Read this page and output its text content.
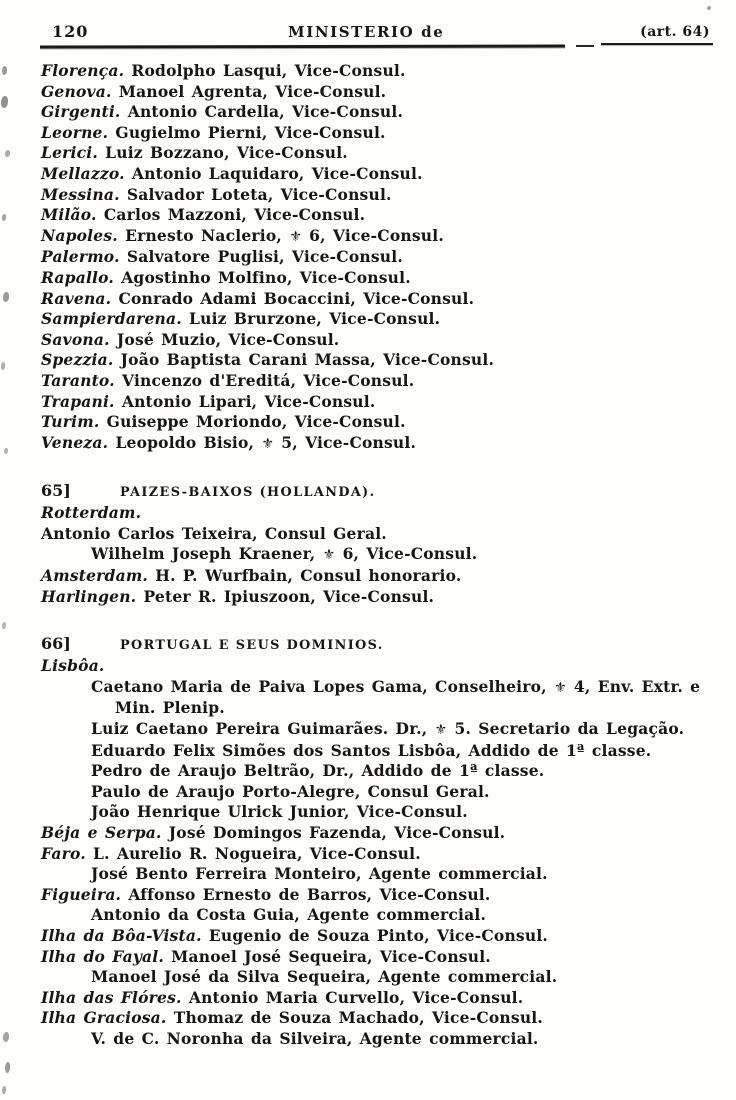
120	MINISTERIO de	(art. 64)
Florença. Rodolpho Lasqui, Vice-Consul.
Genova. Manoel Agrenta, Vice-Consul.
Girgenti. Antonio Cardella, Vice-Consul.
Leorne. Gugielmo Pierni, Vice-Consul.
Lerici. Luiz Bozzano, Vice-Consul.
Mellazzo. Antonio Laquidaro, Vice-Consul.
Messina. Salvador Loteta, Vice-Consul.
Milão. Carlos Mazzoni, Vice-Consul.
Napoles. Ernesto Naclerio, ⚜ 6, Vice-Consul.
Palermo. Salvatore Puglisi, Vice-Consul.
Rapallo. Agostinho Molfino, Vice-Consul.
Ravena. Conrado Adami Bocaccini, Vice-Consul.
Sampierdarena. Luiz Brurzone, Vice-Consul.
Savona. José Muzio, Vice-Consul.
Spezzia. João Baptista Carani Massa, Vice-Consul.
Taranto. Vincenzo d'Ereditá, Vice-Consul.
Trapani. Antonio Lipari, Vice-Consul.
Turim. Guiseppe Moriondo, Vice-Consul.
Veneza. Leopoldo Bisio, ⚜ 5, Vice-Consul.
65]	PAIZES-BAIXOS (HOLLANDA).
Rotterdam.
Antonio Carlos Teixeira, Consul Geral.
Wilhelm Joseph Kraener, ⚜ 6, Vice-Consul.
Amsterdam. H. P. Wurfbain, Consul honorario.
Harlingen. Peter R. Ipiuszoon, Vice-Consul.
66]	PORTUGAL E SEUS DOMINIOS.
Lisbôa.
Caetano Maria de Paiva Lopes Gama, Conselheiro, ⚜ 4, Env. Extr. e
Min. Plenip.
Luiz Caetano Pereira Guimarães. Dr., ⚜ 5. Secretario da Legação.
Eduardo Felix Simões dos Santos Lisbôa, Addido de 1ª classe.
Pedro de Araujo Beltrão, Dr., Addido de 1ª classe.
Paulo de Araujo Porto-Alegre, Consul Geral.
João Henrique Ulrick Junior, Vice-Consul.
Béja e Serpa. José Domingos Fazenda, Vice-Consul.
Faro. L. Aurelio R. Nogueira, Vice-Consul.
José Bento Ferreira Monteiro, Agente commercial.
Figueira. Affonso Ernesto de Barros, Vice-Consul.
Antonio da Costa Guia, Agente commercial.
Ilha da Bôa-Vista. Eugenio de Souza Pinto, Vice-Consul.
Ilha do Fayal. Manoel José Sequeira, Vice-Consul.
Manoel José da Silva Sequeira, Agente commercial.
Ilha das Flóres. Antonio Maria Curvello, Vice-Consul.
Ilha Graciosa. Thomaz de Souza Machado, Vice-Consul.
V. de C. Noronha da Silveira, Agente commercial.
